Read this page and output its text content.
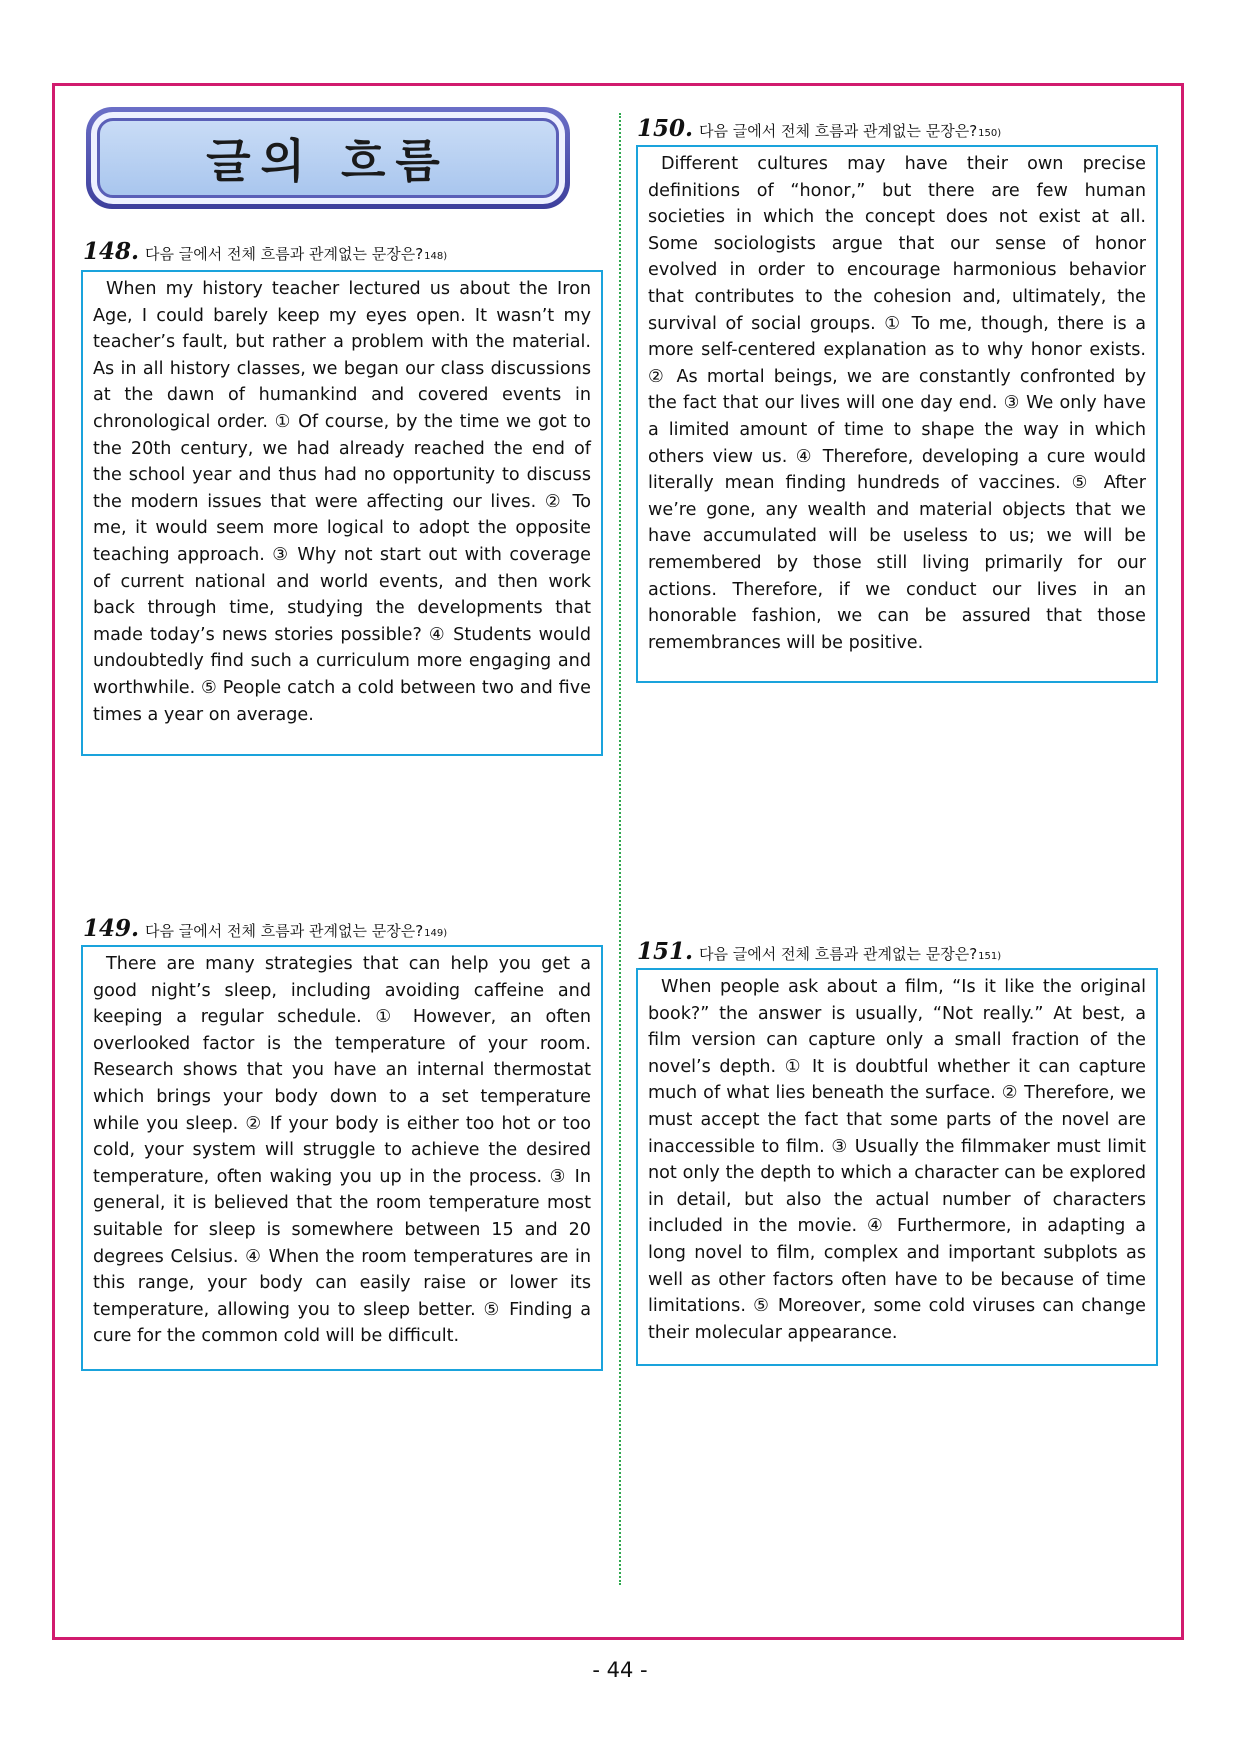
글의 흐름
148. 다음 글에서 전체 흐름과 관계없는 문장은? 148)

When my history teacher lectured us about the Iron Age, I could barely keep my eyes open. It wasn’t my teacher’s fault, but rather a problem with the material. As in all history classes, we began our class discussions at the dawn of humankind and covered events in chronological order. ① Of course, by the time we got to the 20th century, we had already reached the end of the school year and thus had no opportunity to discuss the modern issues that were affecting our lives. ② To me, it would seem more logical to adopt the opposite teaching approach. ③ Why not start out with coverage of current national and world events, and then work back through time, studying the developments that made today’s news stories possible? ④ Students would undoubtedly find such a curriculum more engaging and worthwhile. ⑤ People catch a cold between two and five times a year on average.

149. 다음 글에서 전체 흐름과 관계없는 문장은? 149)

There are many strategies that can help you get a good night’s sleep, including avoiding caffeine and keeping a regular schedule. ① However, an often overlooked factor is the temperature of your room. Research shows that you have an internal thermostat which brings your body down to a set temperature while you sleep. ② If your body is either too hot or too cold, your system will struggle to achieve the desired temperature, often waking you up in the process. ③ In general, it is believed that the room temperature most suitable for sleep is somewhere between 15 and 20 degrees Celsius. ④ When the room temperatures are in this range, your body can easily raise or lower its temperature, allowing you to sleep better. ⑤ Finding a cure for the common cold will be difficult.

150. 다음 글에서 전체 흐름과 관계없는 문장은? 150)

Different cultures may have their own precise definitions of “honor,” but there are few human societies in which the concept does not exist at all. Some sociologists argue that our sense of honor evolved in order to encourage harmonious behavior that contributes to the cohesion and, ultimately, the survival of social groups. ① To me, though, there is a more self-centered explanation as to why honor exists. ② As mortal beings, we are constantly confronted by the fact that our lives will one day end. ③ We only have a limited amount of time to shape the way in which others view us. ④ Therefore, developing a cure would literally mean finding hundreds of vaccines. ⑤ After we’re gone, any wealth and material objects that we have accumulated will be useless to us; we will be remembered by those still living primarily for our actions. Therefore, if we conduct our lives in an honorable fashion, we can be assured that those remembrances will be positive.

151. 다음 글에서 전체 흐름과 관계없는 문장은? 151)

When people ask about a film, “Is it like the original book?” the answer is usually, “Not really.” At best, a film version can capture only a small fraction of the novel’s depth. ① It is doubtful whether it can capture much of what lies beneath the surface. ② Therefore, we must accept the fact that some parts of the novel are inaccessible to film. ③ Usually the filmmaker must limit not only the depth to which a character can be explored in detail, but also the actual number of characters included in the movie. ④ Furthermore, in adapting a long novel to film, complex and important subplots as well as other factors often have to be because of time limitations. ⑤ Moreover, some cold viruses can change their molecular appearance.

- 44 -
